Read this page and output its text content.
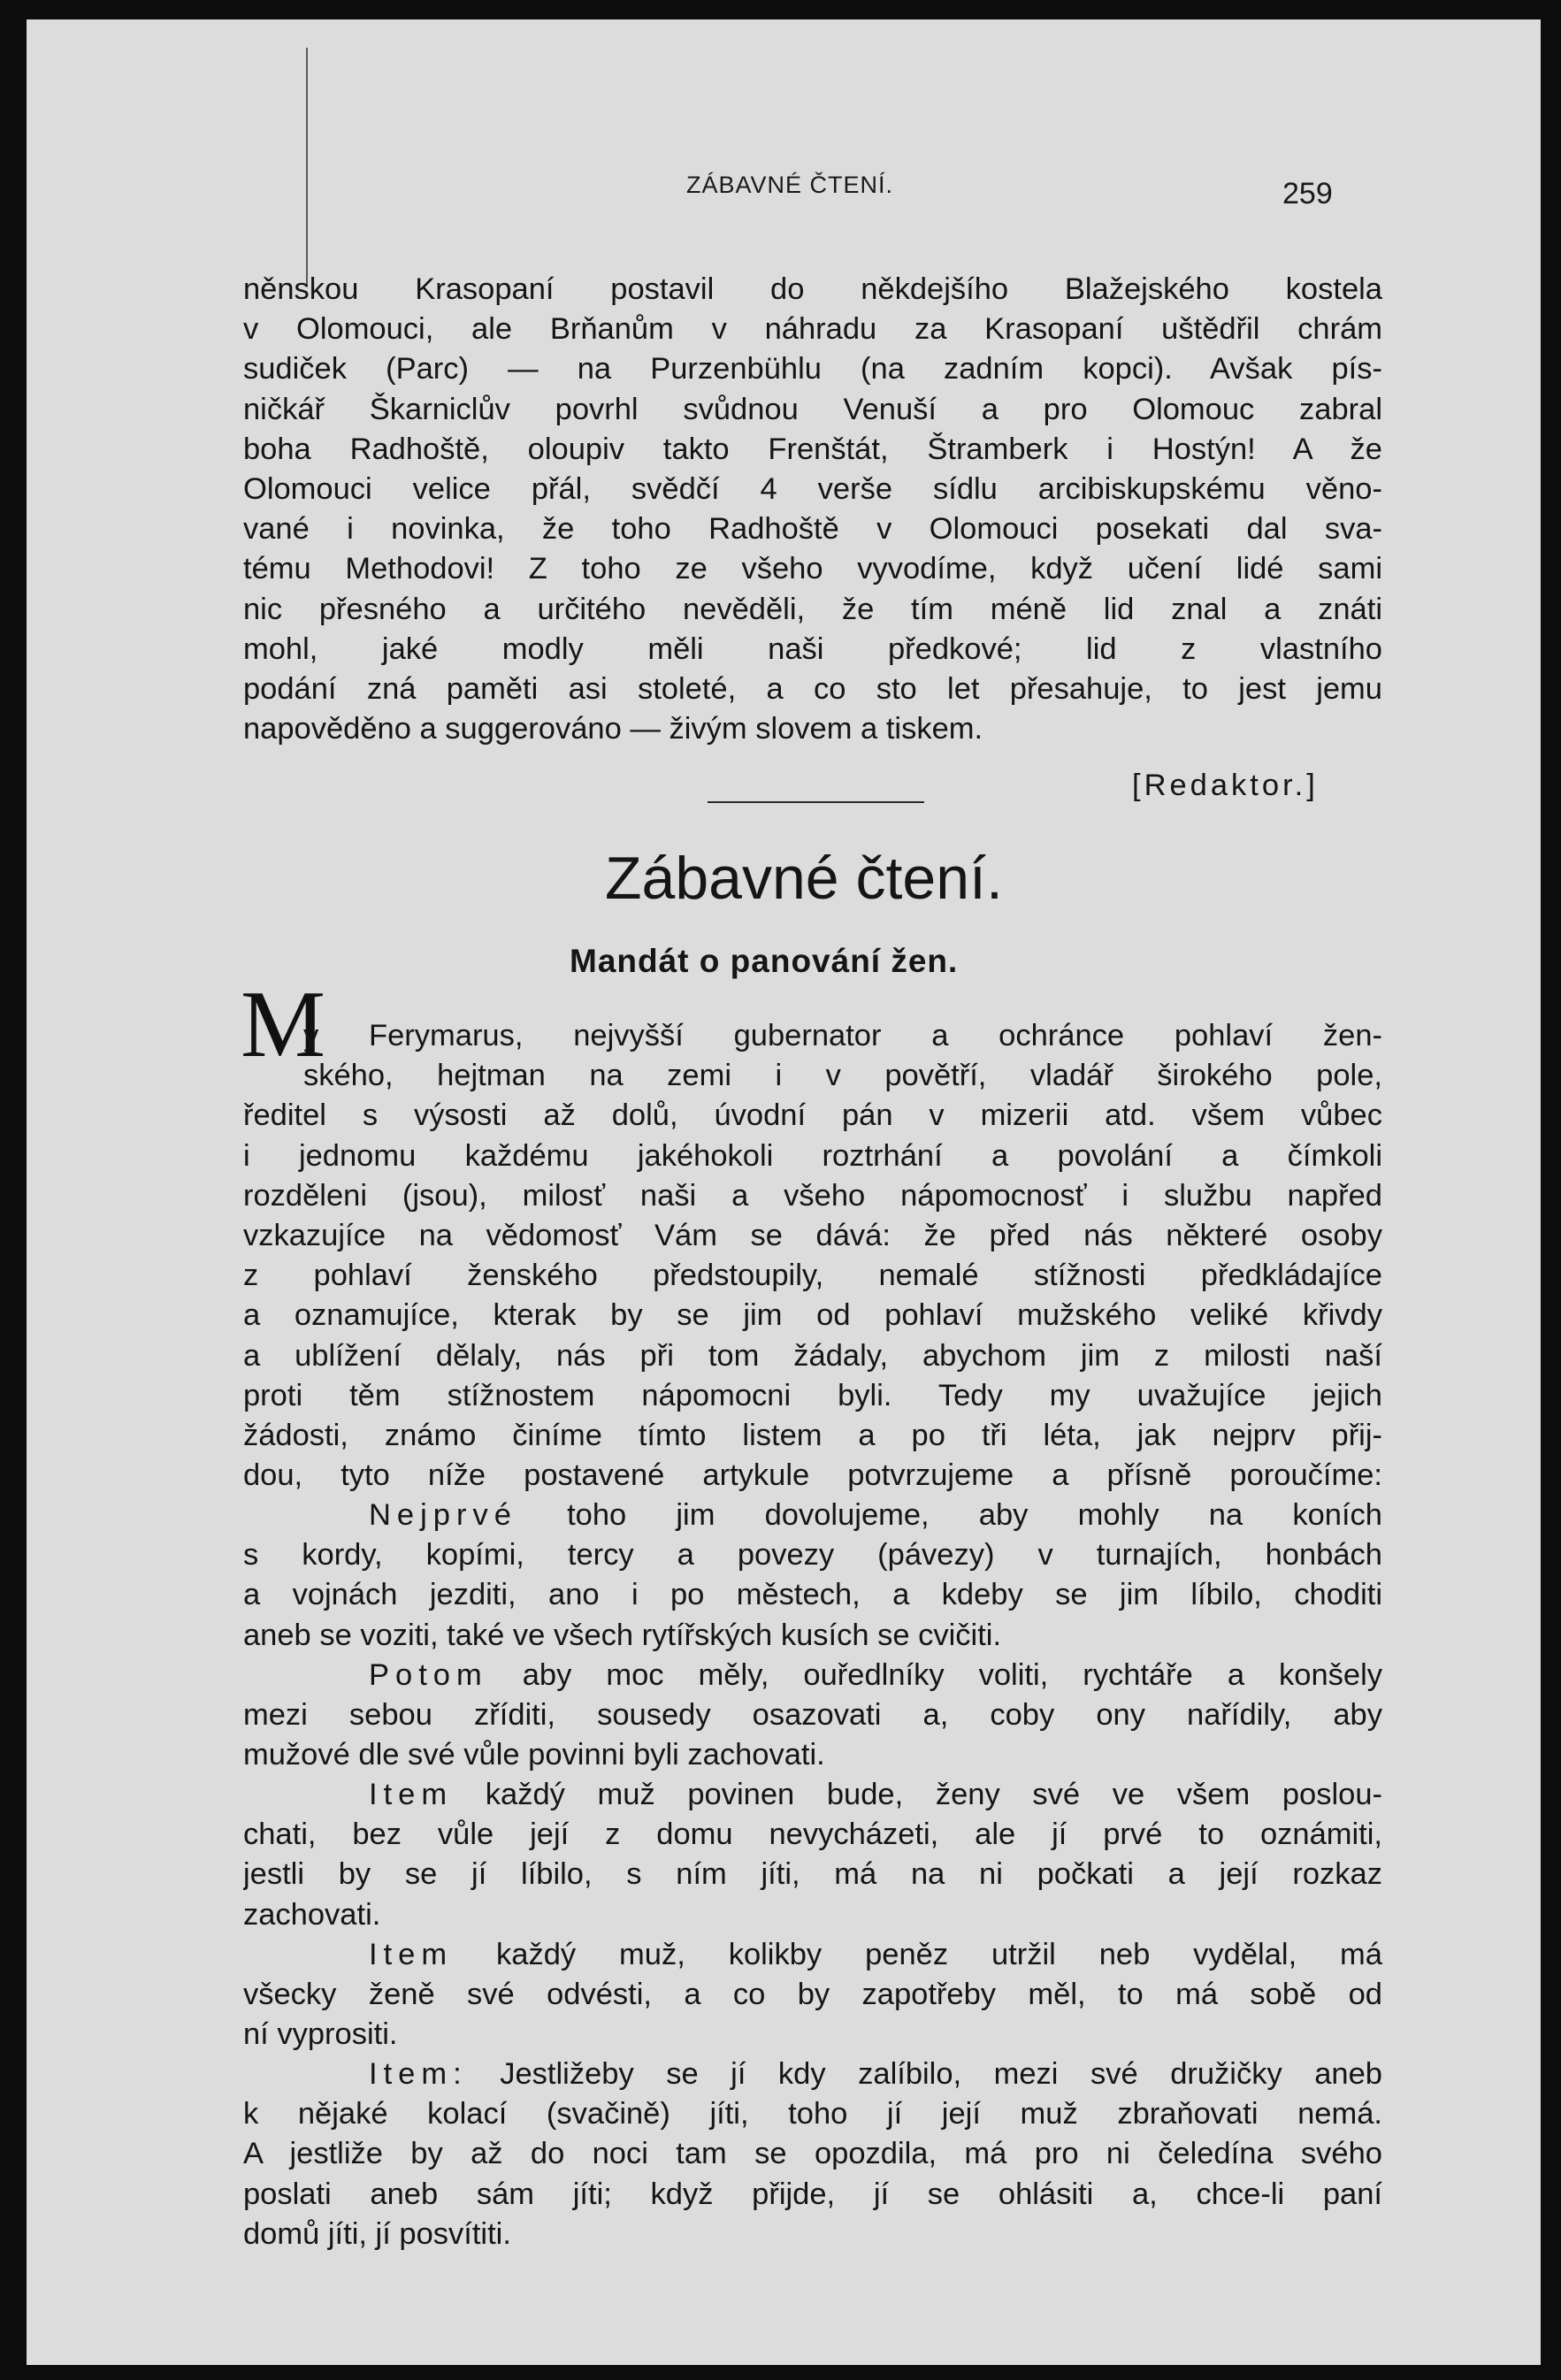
ZÁBAVNÉ ČTENÍ.	259
něnskou Krasopaní postavil do někdejšího Blažejského kostela
v Olomouci, ale Brňanům v náhradu za Krasopaní uštědřil chrám
sudiček (Parc) — na Purzenbühlu (na zadním kopci). Avšak pís-
ničkář Škarniclův povrhl svůdnou Venuší a pro Olomouc zabral
boha Radhoště, oloupiv takto Frenštát, Štramberk i Hostýn! A že
Olomouci velice přál, svědčí 4 verše sídlu arcibiskupskému věno-
vané i novinka, že toho Radhoště v Olomouci posekati dal sva-
tému Methodovi! Z toho ze všeho vyvodíme, když učení lidé sami
nic přesného a určitého nevěděli, že tím méně lid znal a znáti
mohl, jaké modly měli naši předkové; lid z vlastního
podání zná paměti asi stoleté, a co sto let přesahuje, to jest jemu
napověděno a suggerováno — živým slovem a tiskem.
[Redaktor.]
Zábavné čtení.
Mandát o panování žen.
M
y Ferymarus, nejvyšší gubernator a ochránce pohlaví žen-
ského, hejtman na zemi i v povětří, vladář širokého pole,
ředitel s výsosti až dolů, úvodní pán v mizerii atd. všem vůbec
i jednomu každému jakéhokoli roztrhání a povolání a čímkoli
rozděleni (jsou), milosť naši a všeho nápomocnosť i službu napřed
vzkazujíce na vědomosť Vám se dává: že před nás některé osoby
z pohlaví ženského předstoupily, nemalé stížnosti předkládajíce
a oznamujíce, kterak by se jim od pohlaví mužského veliké křivdy
a ublížení dělaly, nás při tom žádaly, abychom jim z milosti naší
proti těm stížnostem nápomocni byli. Tedy my uvažujíce jejich
žádosti, známo činíme tímto listem a po tři léta, jak nejprv přij-
dou, tyto níže postavené artykule potvrzujeme a přísně poroučíme:
Nejprvé toho jim dovolujeme, aby mohly na koních
s kordy, kopími, tercy a povezy (pávezy) v turnajích, honbách
a vojnách jezditi, ano i po městech, a kdeby se jim líbilo, choditi
aneb se voziti, také ve všech rytířských kusích se cvičiti.
Potom aby moc měly, ouředlníky voliti, rychtáře a konšely
mezi sebou zříditi, sousedy osazovati a, coby ony nařídily, aby
mužové dle své vůle povinni byli zachovati.
Item každý muž povinen bude, ženy své ve všem poslou-
chati, bez vůle její z domu nevycházeti, ale jí prvé to oznámiti,
jestli by se jí líbilo, s ním jíti, má na ni počkati a její rozkaz
zachovati.
Item každý muž, kolikby peněz utržil neb vydělal, má
všecky ženě své odvésti, a co by zapotřeby měl, to má sobě od
ní vyprositi.
Item: Jestližeby se jí kdy zalíbilo, mezi své družičky aneb
k nějaké kolací (svačině) jíti, toho jí její muž zbraňovati nemá.
A jestliže by až do noci tam se opozdila, má pro ni čeledína svého
poslati aneb sám jíti; když přijde, jí se ohlásiti a, chce-li paní
domů jíti, jí posvítiti.
